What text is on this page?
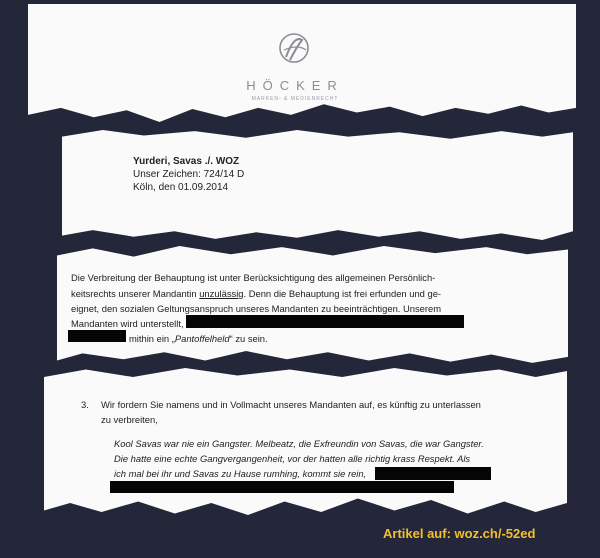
HÖCKER
MARKEN- & MEDIENRECHT
Yurderi, Savas ./. WOZ
Unser Zeichen: 724/14 D
Köln, den 01.09.2014
Die Verbreitung der Behauptung ist unter Berücksichtigung des allgemeinen Persönlich-
keitsrechts unserer Mandantin unzulässig. Denn die Behauptung ist frei erfunden und ge-
eignet, den sozialen Geltungsanspruch unseres Mandanten zu beeinträchtigen. Unserem
Mandanten wird unterstellt,
mithin ein „Pantoffelheld“ zu sein.
3. Wir fordern Sie namens und in Vollmacht unseres Mandanten auf, es künftig zu unterlassen
zu verbreiten,
Kool Savas war nie ein Gangster. Melbeatz, die Exfreundin von Savas, die war Gangster.
Die hatte eine echte Gangvergangenheit, vor der hatten alle richtig krass Respekt. Als
ich mal bei ihr und Savas zu Hause rumhing, kommt sie rein,
Artikel auf: woz.ch/-52ed
